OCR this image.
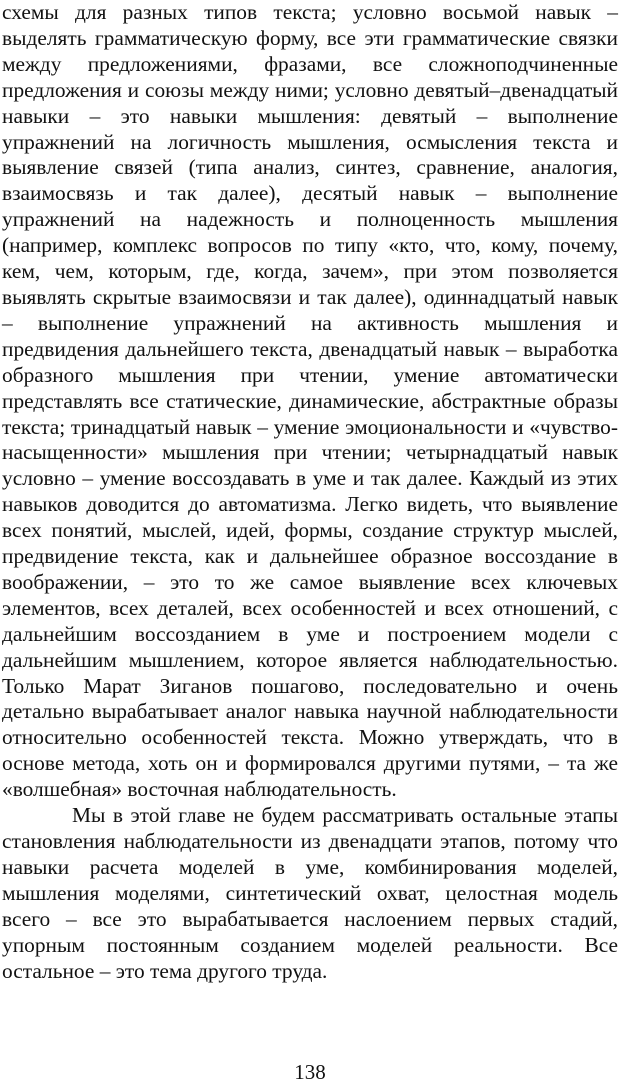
схемы для разных типов текста; условно восьмой навык – выделять грамматическую форму, все эти грамматические связки между предложениями, фразами, все сложноподчиненные предложения и союзы между ними; условно девятый–двенадцатый навыки – это навыки мышления: девятый – выполнение упражнений на логичность мышления, осмысления текста и выявление связей (типа анализ, синтез, сравнение, аналогия, взаимосвязь и так далее), десятый навык – выполнение упражнений на надежность и полноценность мышления (например, комплекс вопросов по типу «кто, что, кому, почему, кем, чем, которым, где, когда, зачем», при этом позволяется выявлять скрытые взаимосвязи и так далее), одиннадцатый навык – выполнение упражнений на активность мышления и предвидения дальнейшего текста, двенадцатый навык – выработка образного мышления при чтении, умение автоматически представлять все статические, динамические, абстрактные образы текста; тринадцатый навык – умение эмоциональности и «чувство-насыщенности» мышления при чтении; четырнадцатый навык условно – умение воссоздавать в уме и так далее. Каждый из этих навыков доводится до автоматизма. Легко видеть, что выявление всех понятий, мыслей, идей, формы, создание структур мыслей, предвидение текста, как и дальнейшее образное воссоздание в воображении, – это то же самое выявление всех ключевых элементов, всех деталей, всех особенностей и всех отношений, с дальнейшим воссозданием в уме и построением модели с дальнейшим мышлением, которое является наблюдательностью. Только Марат Зиганов пошагово, последовательно и очень детально вырабатывает аналог навыка научной наблюдательности относительно особенностей текста. Можно утверждать, что в основе метода, хоть он и формировался другими путями, – та же «волшебная» восточная наблюдательность.

Мы в этой главе не будем рассматривать остальные этапы становления наблюдательности из двенадцати этапов, потому что навыки расчета моделей в уме, комбинирования моделей, мышления моделями, синтетический охват, целостная модель всего – все это вырабатывается наслоением первых стадий, упорным постоянным созданием моделей реальности. Все остальное – это тема другого труда.

138
